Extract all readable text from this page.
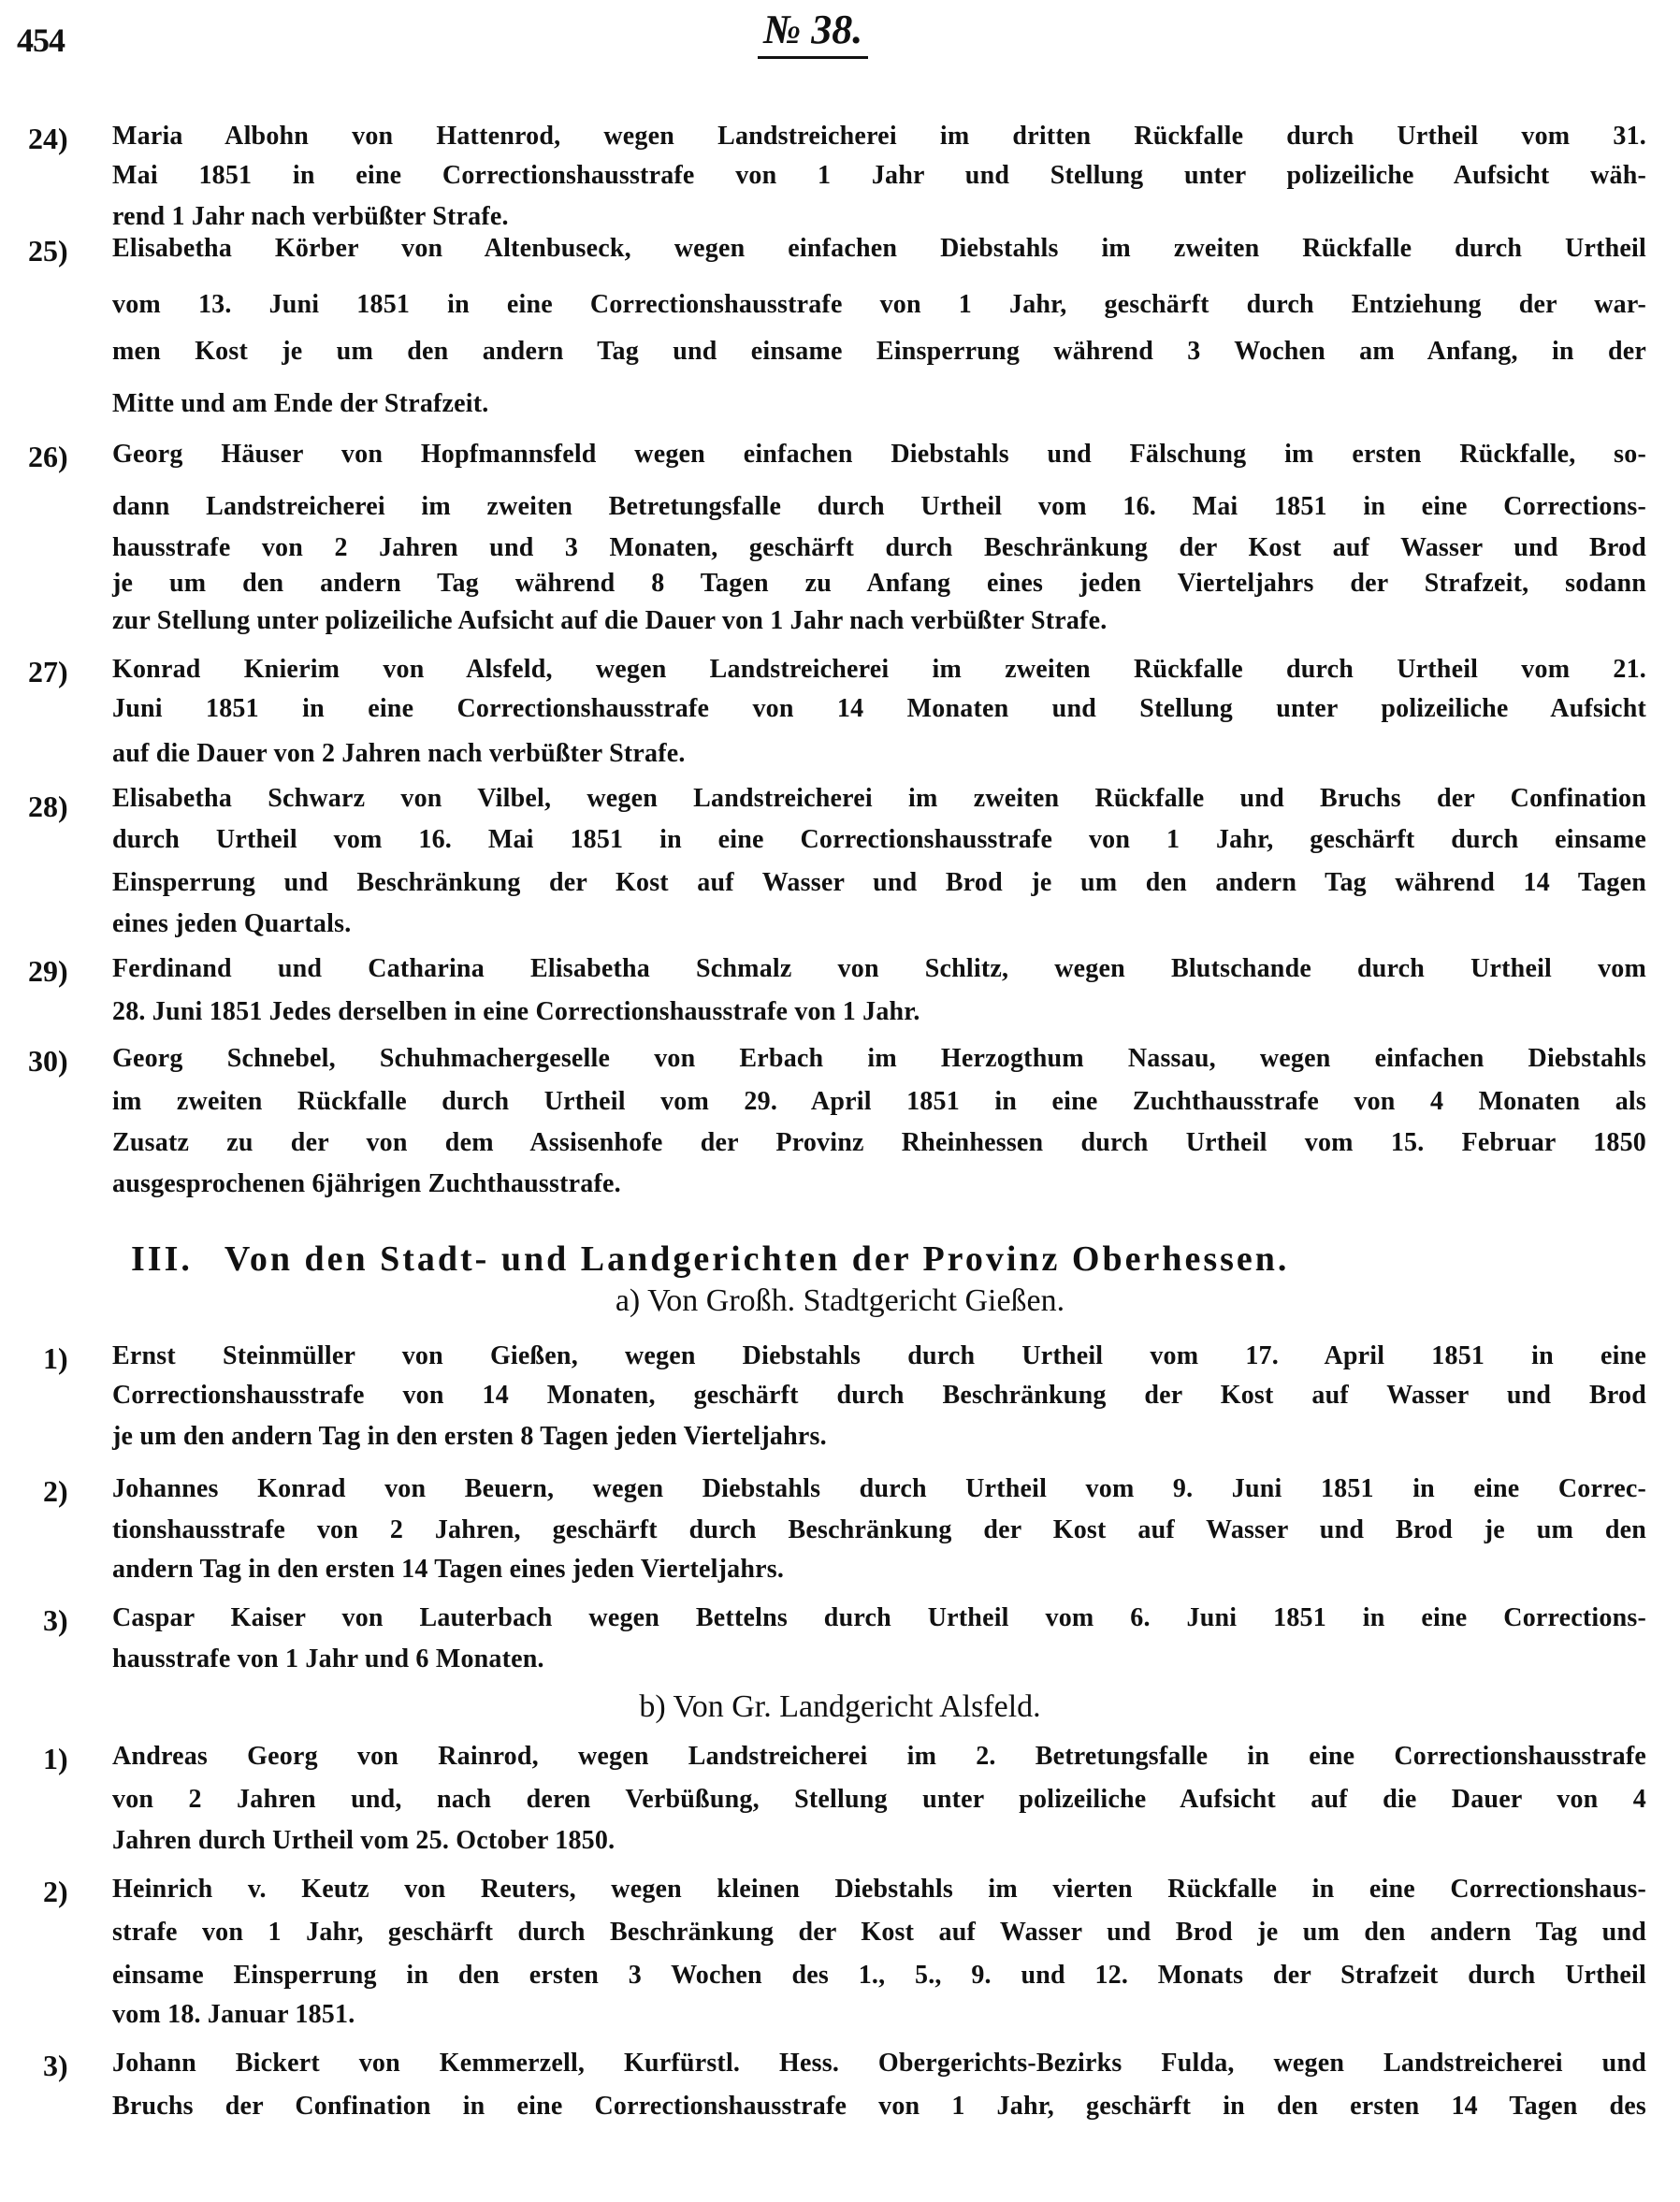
454	№ 38.
24)	Maria Albohn von Hattenrod, wegen Landstreicherei im dritten Rückfalle durch Urtheil vom 31.
Mai 1851 in eine Correctionshausstrafe von 1 Jahr und Stellung unter polizeiliche Aufsicht wäh-
rend 1 Jahr nach verbüßter Strafe.
25)	Elisabetha Körber von Altenbuseck, wegen einfachen Diebstahls im zweiten Rückfalle durch Urtheil
vom 13. Juni 1851 in eine Correctionshausstrafe von 1 Jahr, geschärft durch Entziehung der war-
men Kost je um den andern Tag und einsame Einsperrung während 3 Wochen am Anfang, in der
Mitte und am Ende der Strafzeit.
26)	Georg Häuser von Hopfmannsfeld wegen einfachen Diebstahls und Fälschung im ersten Rückfalle, so-
dann Landstreicherei im zweiten Betretungsfalle durch Urtheil vom 16. Mai 1851 in eine Corrections-
hausstrafe von 2 Jahren und 3 Monaten, geschärft durch Beschränkung der Kost auf Wasser und Brod
je um den andern Tag während 8 Tagen zu Anfang eines jeden Vierteljahrs der Strafzeit, sodann
zur Stellung unter polizeiliche Aufsicht auf die Dauer von 1 Jahr nach verbüßter Strafe.
27)	Konrad Knierim von Alsfeld, wegen Landstreicherei im zweiten Rückfalle durch Urtheil vom 21.
Juni 1851 in eine Correctionshausstrafe von 14 Monaten und Stellung unter polizeiliche Aufsicht
auf die Dauer von 2 Jahren nach verbüßter Strafe.
28)	Elisabetha Schwarz von Vilbel, wegen Landstreicherei im zweiten Rückfalle und Bruchs der Confination
durch Urtheil vom 16. Mai 1851 in eine Correctionshausstrafe von 1 Jahr, geschärft durch einsame
Einsperrung und Beschränkung der Kost auf Wasser und Brod je um den andern Tag während 14 Tagen
eines jeden Quartals.
29)	Ferdinand und Catharina Elisabetha Schmalz von Schlitz, wegen Blutschande durch Urtheil vom
28. Juni 1851 Jedes derselben in eine Correctionshausstrafe von 1 Jahr.
30)	Georg Schnebel, Schuhmachergeselle von Erbach im Herzogthum Nassau, wegen einfachen Diebstahls
im zweiten Rückfalle durch Urtheil vom 29. April 1851 in eine Zuchthausstrafe von 4 Monaten als
Zusatz zu der von dem Assisenhofe der Provinz Rheinhessen durch Urtheil vom 15. Februar 1850
ausgesprochenen 6jährigen Zuchthausstrafe.
III. Von den Stadt- und Landgerichten der Provinz Oberhessen.
a) Von Großh. Stadtgericht Gießen.
1)	Ernst Steinmüller von Gießen, wegen Diebstahls durch Urtheil vom 17. April 1851 in eine
Correctionshausstrafe von 14 Monaten, geschärft durch Beschränkung der Kost auf Wasser und Brod
je um den andern Tag in den ersten 8 Tagen jeden Vierteljahrs.
2)	Johannes Konrad von Beuern, wegen Diebstahls durch Urtheil vom 9. Juni 1851 in eine Correc-
tionshausstrafe von 2 Jahren, geschärft durch Beschränkung der Kost auf Wasser und Brod je um den
andern Tag in den ersten 14 Tagen eines jeden Vierteljahrs.
3)	Caspar Kaiser von Lauterbach wegen Bettelns durch Urtheil vom 6. Juni 1851 in eine Corrections-
hausstrafe von 1 Jahr und 6 Monaten.
b) Von Gr. Landgericht Alsfeld.
1)	Andreas Georg von Rainrod, wegen Landstreicherei im 2. Betretungsfalle in eine Correctionshausstrafe
von 2 Jahren und, nach deren Verbüßung, Stellung unter polizeiliche Aufsicht auf die Dauer von 4
Jahren durch Urtheil vom 25. October 1850.
2)	Heinrich v. Keutz von Reuters, wegen kleinen Diebstahls im vierten Rückfalle in eine Correctionshaus-
strafe von 1 Jahr, geschärft durch Beschränkung der Kost auf Wasser und Brod je um den andern Tag und
einsame Einsperrung in den ersten 3 Wochen des 1., 5., 9. und 12. Monats der Strafzeit durch Urtheil
vom 18. Januar 1851.
3)	Johann Bickert von Kemmerzell, Kurfürstl. Hess. Obergerichts-Bezirks Fulda, wegen Landstreicherei und
Bruchs der Confination in eine Correctionshausstrafe von 1 Jahr, geschärft in den ersten 14 Tagen des
